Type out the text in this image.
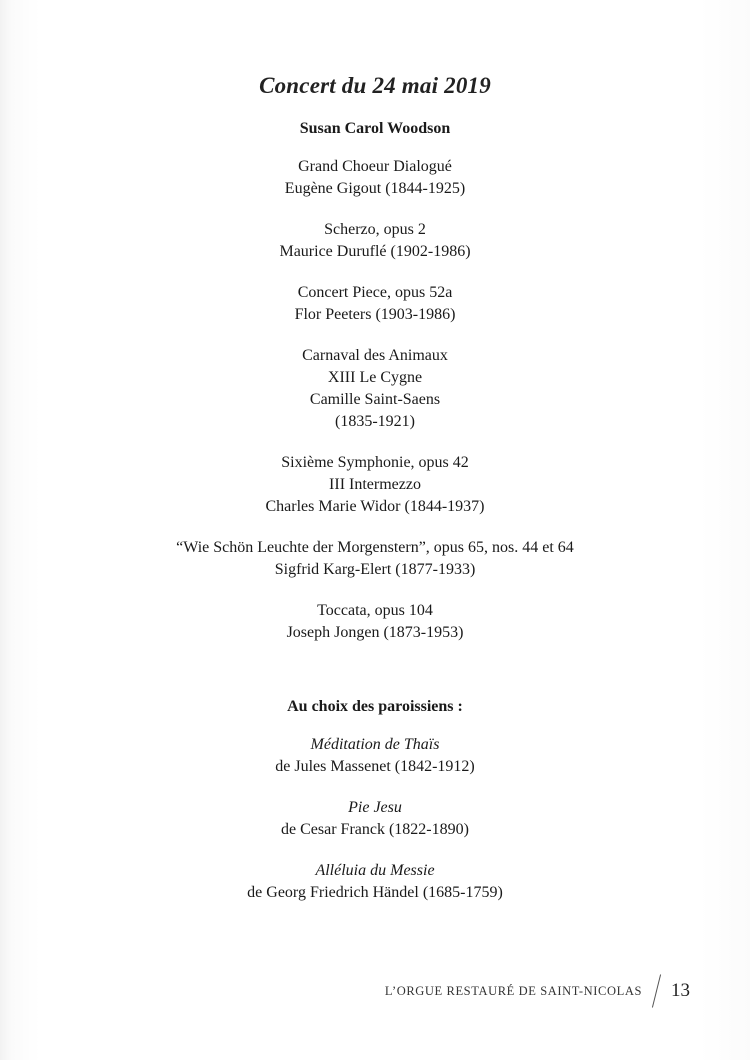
Concert du 24 mai 2019
Susan Carol Woodson
Grand Choeur Dialogué
Eugène Gigout (1844-1925)
Scherzo, opus 2
Maurice Duruflé (1902-1986)
Concert Piece, opus 52a
Flor Peeters (1903-1986)
Carnaval des Animaux
XIII Le Cygne
Camille Saint-Saens
(1835-1921)
Sixième Symphonie, opus 42
III Intermezzo
Charles Marie Widor (1844-1937)
“Wie Schön Leuchte der Morgenstern”, opus 65, nos. 44 et 64
Sigfrid Karg-Elert (1877-1933)
Toccata, opus 104
Joseph Jongen (1873-1953)
Au choix des paroissiens :
Méditation de Thaïs
de Jules Massenet (1842-1912)
Pie Jesu
de Cesar Franck (1822-1890)
Alléluia du Messie
de Georg Friedrich Händel (1685-1759)
L’ORGUE RESTAURÉ DE SAINT-NICOLAS 13
